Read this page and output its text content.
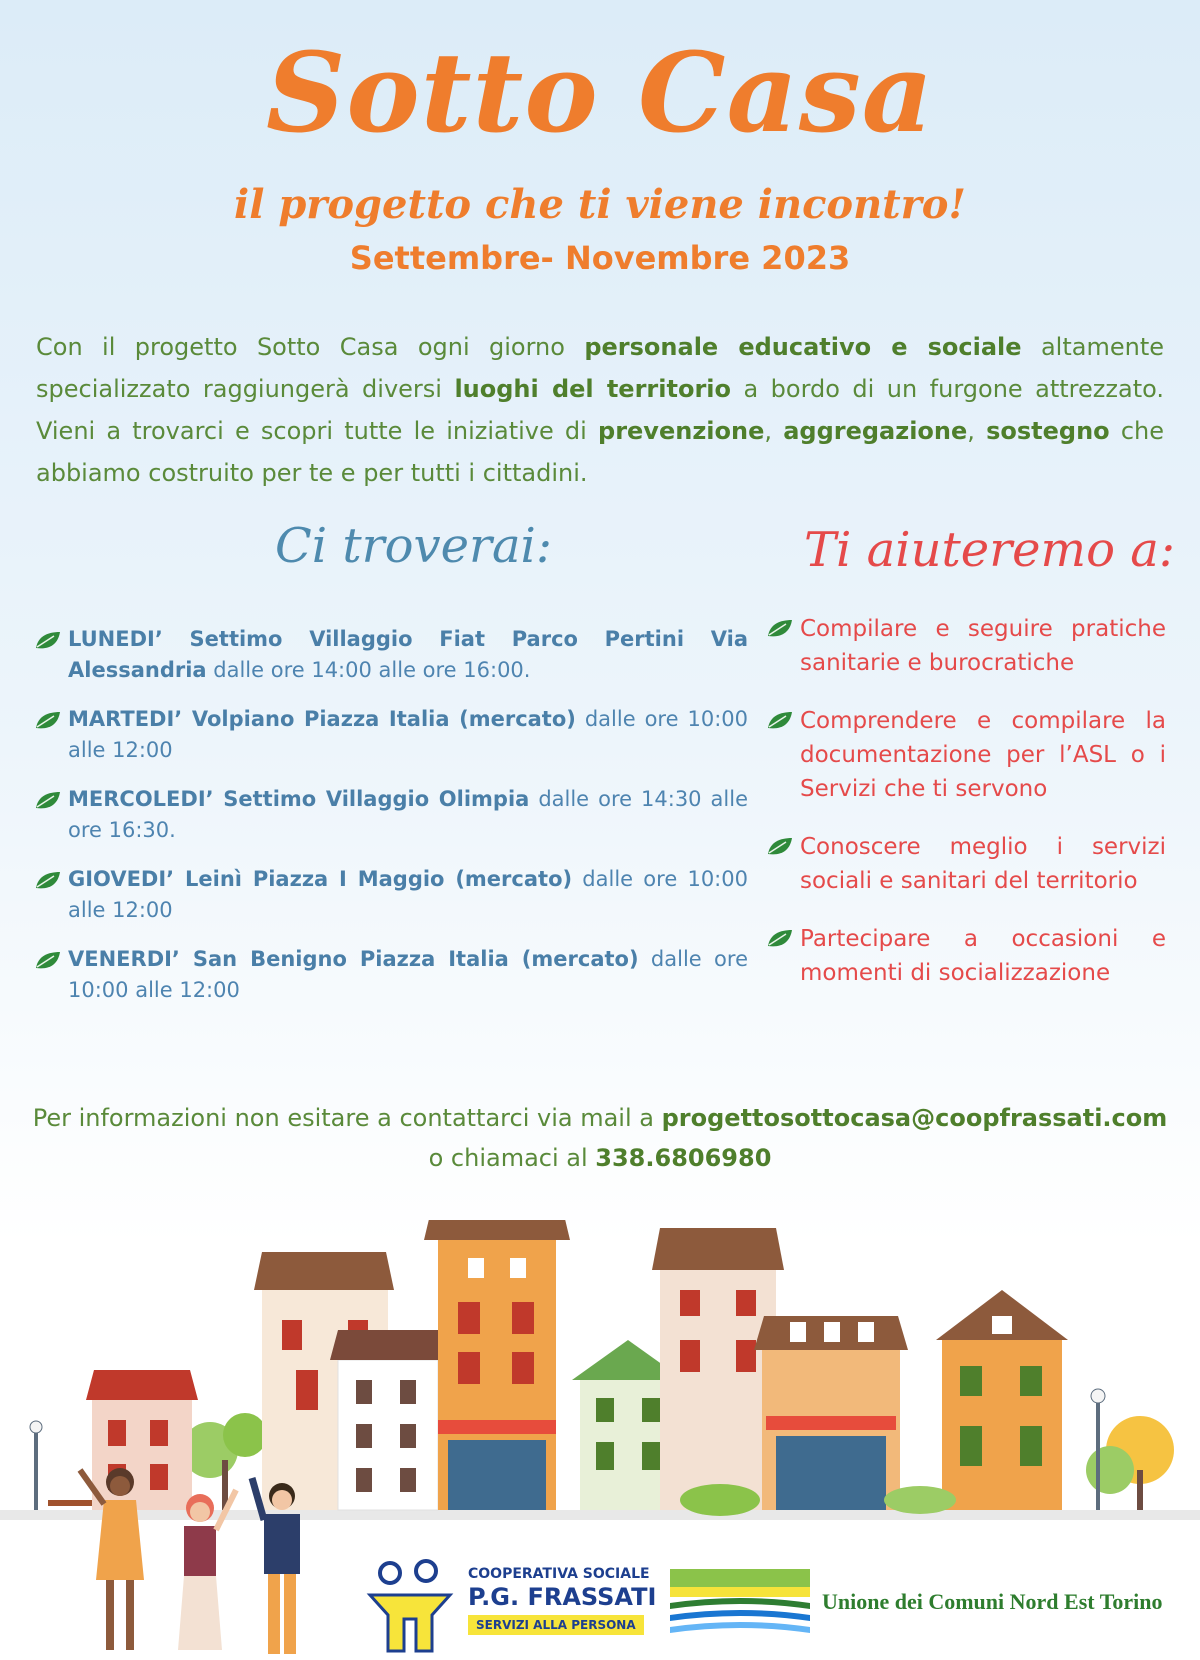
Sotto Casa
il progetto che ti viene incontro!
Settembre- Novembre 2023
Con il progetto Sotto Casa ogni giorno personale educativo e sociale altamente specializzato raggiungerà diversi luoghi del territorio a bordo di un furgone attrezzato. Vieni a trovarci e scopri tutte le iniziative di prevenzione, aggregazione, sostegno che abbiamo costruito per te e per tutti i cittadini.
Ci troverai:	Ti aiuteremo a:
LUNEDI’ Settimo Villaggio Fiat Parco Pertini Via Alessandria dalle ore 14:00 alle ore 16:00.
MARTEDI’ Volpiano Piazza Italia (mercato) dalle ore 10:00 alle 12:00
MERCOLEDI’ Settimo Villaggio Olimpia dalle ore 14:30 alle ore 16:30.
GIOVEDI’ Leinì Piazza I Maggio (mercato) dalle ore 10:00 alle 12:00
VENERDI’ San Benigno Piazza Italia (mercato) dalle ore 10:00 alle 12:00
Compilare e seguire pratiche sanitarie e burocratiche
Comprendere e compilare la documentazione per l’ASL o i Servizi che ti servono
Conoscere meglio i servizi sociali e sanitari del territorio
Partecipare a occasioni e momenti di socializzazione
Per informazioni non esitare a contattarci via mail a progettosottocasa@coopfrassati.com
o chiamaci al 338.6806980
COOPERATIVA SOCIALE
P.G. FRASSATI
SERVIZI ALLA PERSONA
Unione dei Comuni Nord Est Torino
